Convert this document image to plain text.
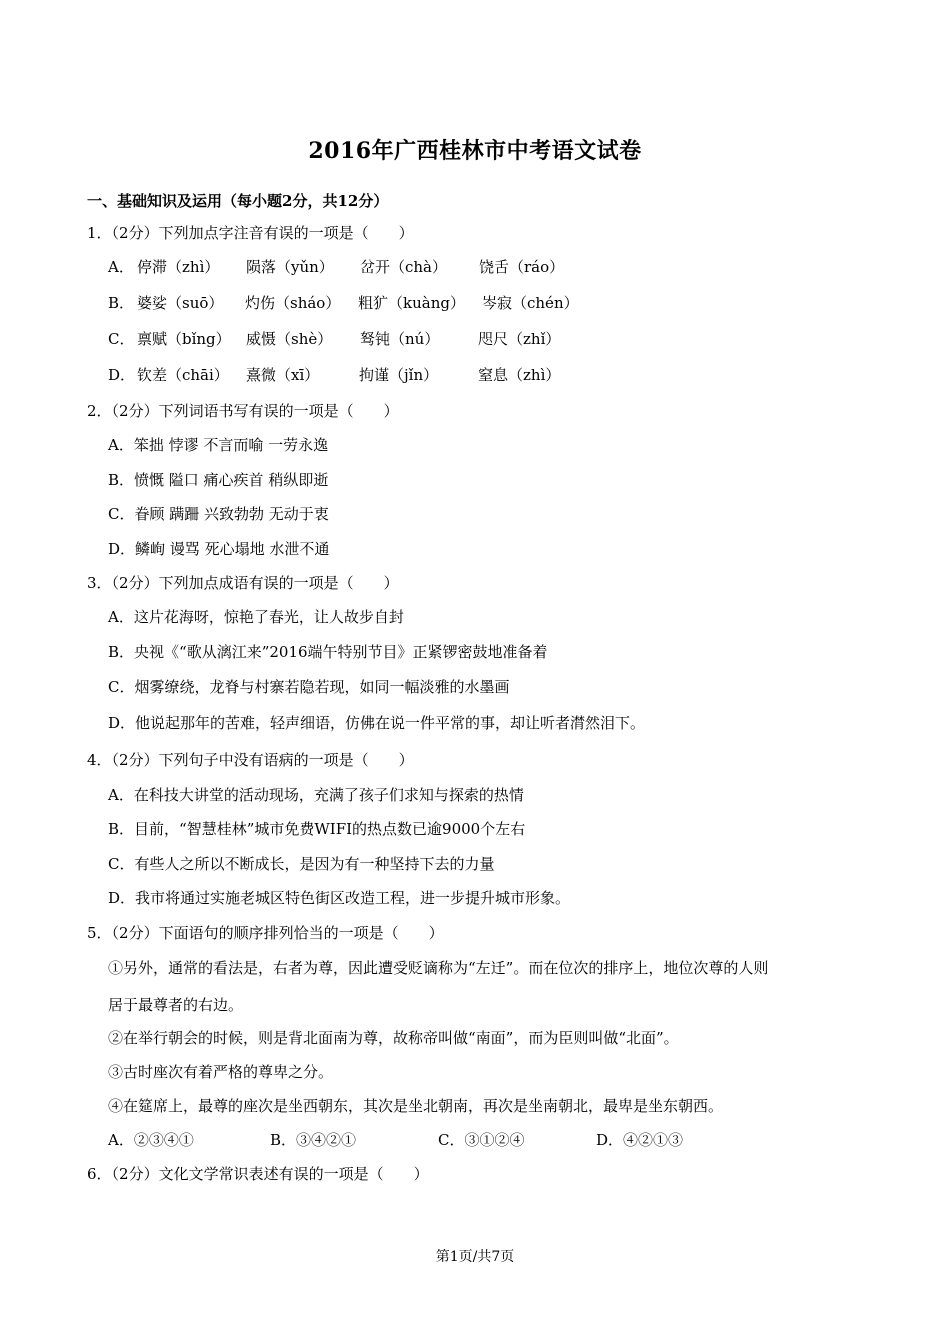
2016年广西桂林市中考语文试卷
一、基础知识及运用（每小题2分，共12分）
1．（2分）下列加点字注音有误的一项是（　　）
A． 停滞（zhì） 陨落（yǔn） 岔开（chà） 饶舌（ráo）
B． 婆娑（suō） 灼伤（sháo） 粗犷（kuàng） 岑寂（chén）
C． 禀赋（bǐng） 威慑（shè） 驽钝（nú）	咫尺（zhǐ）
D． 钦差（chāi） 熹微（xī）	拘谨（jǐn）	窒息（zhì）
2．（2分）下列词语书写有误的一项是（　　）
A．笨拙 悖谬 不言而喻 一劳永逸
B．愤慨 隘口 痛心疾首 稍纵即逝
C．眷顾 蹒跚 兴致勃勃 无动于衷
D．鳞峋 谩骂 死心塌地 水泄不通
3．（2分）下列加点成语有误的一项是（　　）
A．这片花海呀，惊艳了春光，让人故步自封
B．央视《“歌从漓江来”2016端午特别节目》正紧锣密鼓地准备着
C．烟雾缭绕，龙脊与村寨若隐若现，如同一幅淡雅的水墨画
D．他说起那年的苦难，轻声细语，仿佛在说一件平常的事，却让听者潸然泪下。
4．（2分）下列句子中没有语病的一项是（　　）
A．在科技大讲堂的活动现场，充满了孩子们求知与探索的热情
B．目前，“智慧桂林”城市免费WIFI的热点数已逾9000个左右
C．有些人之所以不断成长，是因为有一种坚持下去的力量
D．我市将通过实施老城区特色街区改造工程，进一步提升城市形象。
5．（2分）下面语句的顺序排列恰当的一项是（　　）
①另外，通常的看法是，右者为尊，因此遭受贬谪称为“左迁”。而在位次的排序上，地位次尊的人则
居于最尊者的右边。
②在举行朝会的时候，则是背北面南为尊，故称帝叫做“南面”，而为臣则叫做“北面”。
③古时座次有着严格的尊卑之分。
④在筵席上，最尊的座次是坐西朝东，其次是坐北朝南，再次是坐南朝北，最卑是坐东朝西。
A．②③④①	B．③④②①	C．③①②④	D．④②①③
6．（2分）文化文学常识表述有误的一项是（　　）
第1页/共7页
